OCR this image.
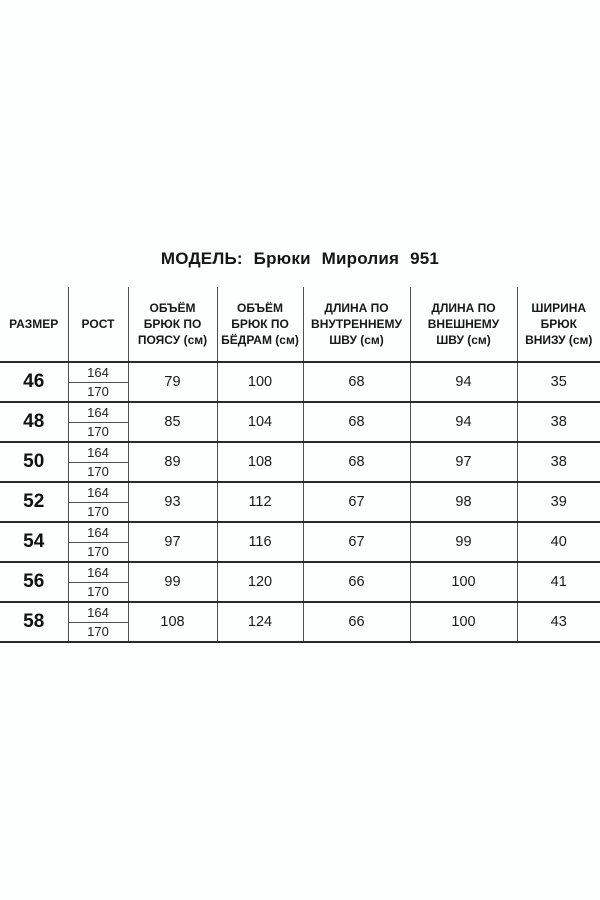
МОДЕЛЬ: Брюки Миролия 951
РАЗМЕР	РОСТ	ОБЪЁМ БРЮК ПО ПОЯСУ (см)	ОБЪЁМ БРЮК ПО БЁДРАМ (см)	ДЛИНА ПО ВНУТРЕННЕМУ ШВУ (см)	ДЛИНА ПО ВНЕШНЕМУ ШВУ (см)	ШИРИНА БРЮК ВНИЗУ (см)
46	164	79	100	68	94	35
	170					
48	164	85	104	68	94	38
	170					
50	164	89	108	68	97	38
	170					
52	164	93	112	67	98	39
	170					
54	164	97	116	67	99	40
	170					
56	164	99	120	66	100	41
	170					
58	164	108	124	66	100	43
	170					
